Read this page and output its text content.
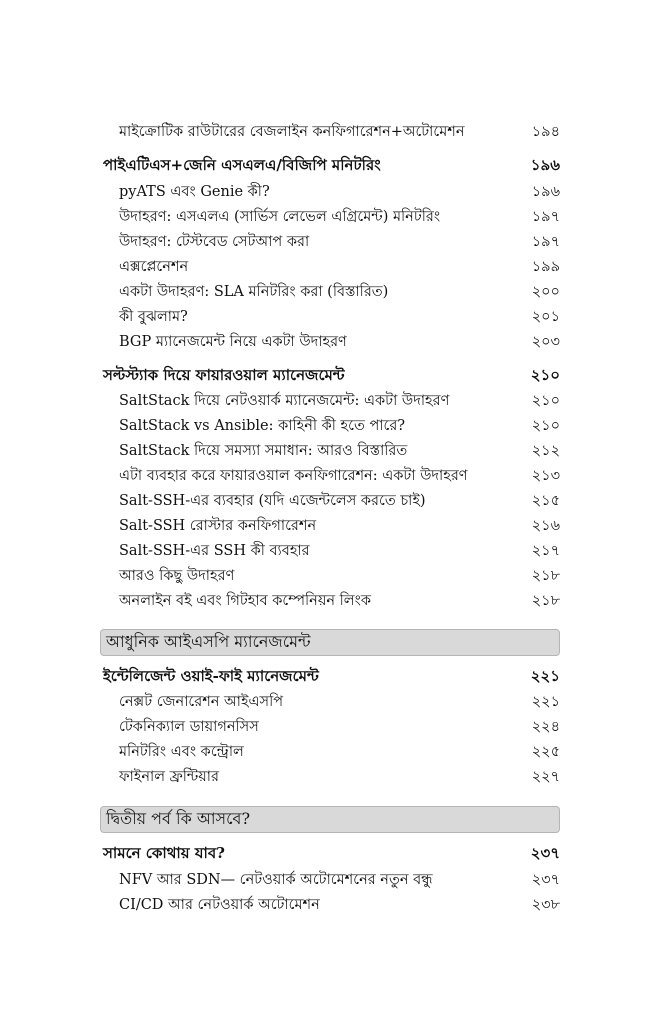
মাইক্রোটিক রাউটারের বেজলাইন কনফিগারেশন+অটোমেশন	১৯৪
পাইএটিএস+জেনি এসএলএ/বিজিপি মনিটরিং	১৯৬
pyATS এবং Genie কী?	১৯৬
উদাহরণ: এসএলএ (সার্ভিস লেভেল এগ্রিমেন্ট) মনিটরিং	১৯৭
উদাহরণ: টেস্টবেড সেটআপ করা	১৯৭
এক্সপ্লেনেশন	১৯৯
একটা উদাহরণ: SLA মনিটরিং করা (বিস্তারিত)	২০০
কী বুঝলাম?	২০১
BGP ম্যানেজমেন্ট নিয়ে একটা উদাহরণ	২০৩
সল্টস্ট্যাক দিয়ে ফায়ারওয়াল ম্যানেজমেন্ট	২১০
SaltStack দিয়ে নেটওয়ার্ক ম্যানেজমেন্ট: একটা উদাহরণ	২১০
SaltStack vs Ansible: কাহিনী কী হতে পারে?	২১০
SaltStack দিয়ে সমস্যা সমাধান: আরও বিস্তারিত	২১২
এটা ব্যবহার করে ফায়ারওয়াল কনফিগারেশন: একটা উদাহরণ	২১৩
Salt-SSH-এর ব্যবহার (যদি এজেন্টলেস করতে চাই)	২১৫
Salt-SSH রোস্টার কনফিগারেশন	২১৬
Salt-SSH-এর SSH কী ব্যবহার	২১৭
আরও কিছু উদাহরণ	২১৮
অনলাইন বই এবং গিটহাব কম্পেনিয়ন লিংক	২১৮
আধুনিক আইএসপি ম্যানেজমেন্ট
ইন্টেলিজেন্ট ওয়াই-ফাই ম্যানেজমেন্ট	২২১
নেক্সট জেনারেশন আইএসপি	২২১
টেকনিক্যাল ডায়াগনসিস	২২৪
মনিটরিং এবং কন্ট্রোল	২২৫
ফাইনাল ফ্রন্টিয়ার	২২৭
দ্বিতীয় পর্ব কি আসবে?
সামনে কোথায় যাব?	২৩৭
NFV আর SDN— নেটওয়ার্ক অটোমেশনের নতুন বন্ধু	২৩৭
CI/CD আর নেটওয়ার্ক অটোমেশন	২৩৮
